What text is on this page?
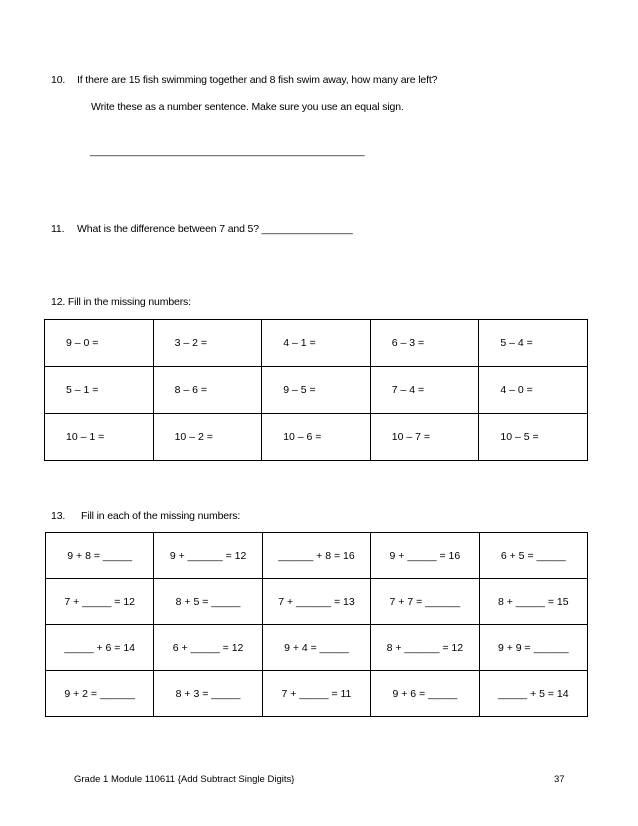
10. If there are 15 fish swimming together and 8 fish swim away, how many are left?
Write these as a number sentence. Make sure you use an equal sign.
_______________________________________________
11. What is the difference between 7 and 5? ________________
12. Fill in the missing numbers:
9 – 0 =	3 – 2 =	4 – 1 =	6 – 3 =	5 – 4 =
5 – 1 =	8 – 6 =	9 – 5 =	7 – 4 =	4 – 0 =
10 – 1 =	10 – 2 =	10 – 6 =	10 – 7 =	10 – 5 =
13. Fill in each of the missing numbers:
9 + 8 = _____	9 + ______ = 12	______ + 8 = 16	9 + _____ = 16	6 + 5 = _____
7 + _____ = 12	8 + 5 = _____	7 + ______ = 13	7 + 7 = ______	8 + _____ = 15
_____ + 6 = 14	6 + _____ = 12	9 + 4 = _____	8 + ______ = 12	9 + 9 = ______
9 + 2 = ______	8 + 3 = _____	7 + _____ = 11	9 + 6 = _____	_____ + 5 = 14
Grade 1 Module 110611 {Add Subtract Single Digits}	37
